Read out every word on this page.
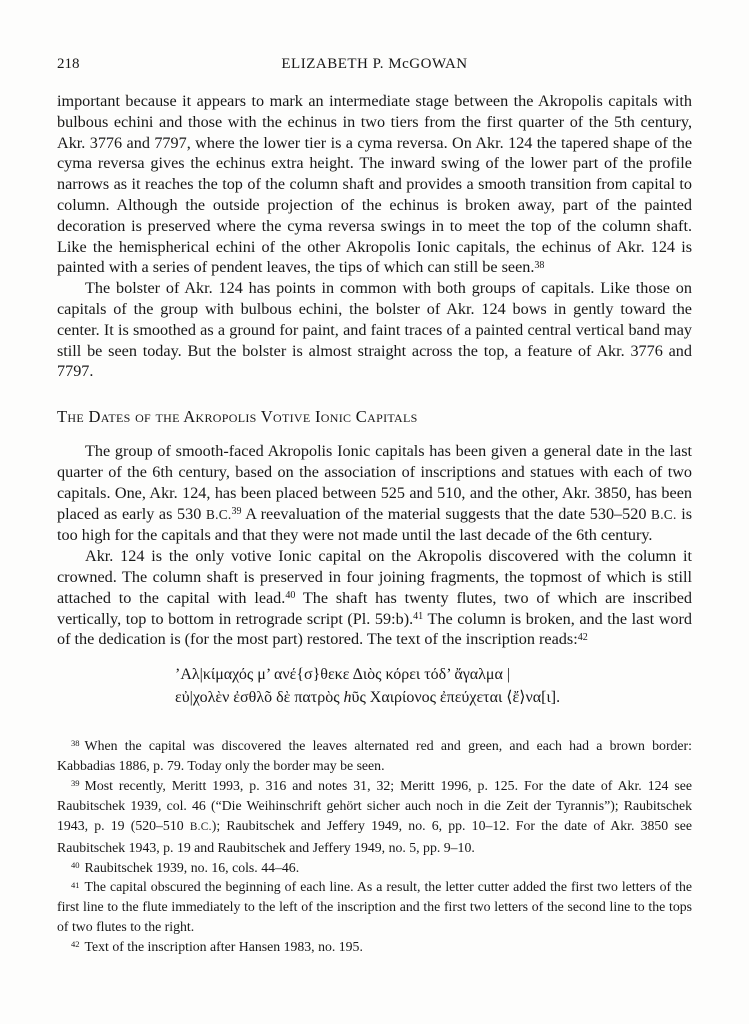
218	ELIZABETH P. McGOWAN

important because it appears to mark an intermediate stage between the Akropolis capitals with bulbous echini and those with the echinus in two tiers from the first quarter of the 5th century, Akr. 3776 and 7797, where the lower tier is a cyma reversa. On Akr. 124 the tapered shape of the cyma reversa gives the echinus extra height. The inward swing of the lower part of the profile narrows as it reaches the top of the column shaft and provides a smooth transition from capital to column. Although the outside projection of the echinus is broken away, part of the painted decoration is preserved where the cyma reversa swings in to meet the top of the column shaft. Like the hemispherical echini of the other Akropolis Ionic capitals, the echinus of Akr. 124 is painted with a series of pendent leaves, the tips of which can still be seen.$^{38}$

The bolster of Akr. 124 has points in common with both groups of capitals. Like those on capitals of the group with bulbous echini, the bolster of Akr. 124 bows in gently toward the center. It is smoothed as a ground for paint, and faint traces of a painted central vertical band may still be seen today. But the bolster is almost straight across the top, a feature of Akr. 3776 and 7797.

The Dates of the Akropolis Votive Ionic Capitals

The group of smooth-faced Akropolis Ionic capitals has been given a general date in the last quarter of the 6th century, based on the association of inscriptions and statues with each of two capitals. One, Akr. 124, has been placed between 525 and 510, and the other, Akr. 3850, has been placed as early as 530 B.C.$^{39}$ A reevaluation of the material suggests that the date 530–520 B.C. is too high for the capitals and that they were not made until the last decade of the 6th century.

Akr. 124 is the only votive Ionic capital on the Akropolis discovered with the column it crowned. The column shaft is preserved in four joining fragments, the topmost of which is still attached to the capital with lead.$^{40}$ The shaft has twenty flutes, two of which are inscribed vertically, top to bottom in retrograde script (Pl. 59:b).$^{41}$ The column is broken, and the last word of the dedication is (for the most part) restored. The text of the inscription reads:$^{42}$

’Αλ|κίμαχός μ’ ανέ{σ}θεκε Διὸς κόρει τόδ’ ἄγαλμα |
εὐ|χολὲν ἐσθλõ δὲ πατρὸς hῦς Χαιρίονος ἐπεύχεται ⟨ἔ⟩να[ι].

$^{38}$ When the capital was discovered the leaves alternated red and green, and each had a brown border: Kabbadias 1886, p. 79. Today only the border may be seen.

$^{39}$ Most recently, Meritt 1993, p. 316 and notes 31, 32; Meritt 1996, p. 125. For the date of Akr. 124 see Raubitschek 1939, col. 46 (“Die Weihinschrift gehört sicher auch noch in die Zeit der Tyrannis”); Raubitschek 1943, p. 19 (520–510 B.C.); Raubitschek and Jeffery 1949, no. 6, pp. 10–12. For the date of Akr. 3850 see Raubitschek 1943, p. 19 and Raubitschek and Jeffery 1949, no. 5, pp. 9–10.

$^{40}$ Raubitschek 1939, no. 16, cols. 44–46.

$^{41}$ The capital obscured the beginning of each line. As a result, the letter cutter added the first two letters of the first line to the flute immediately to the left of the inscription and the first two letters of the second line to the tops of two flutes to the right.

$^{42}$ Text of the inscription after Hansen 1983, no. 195.
